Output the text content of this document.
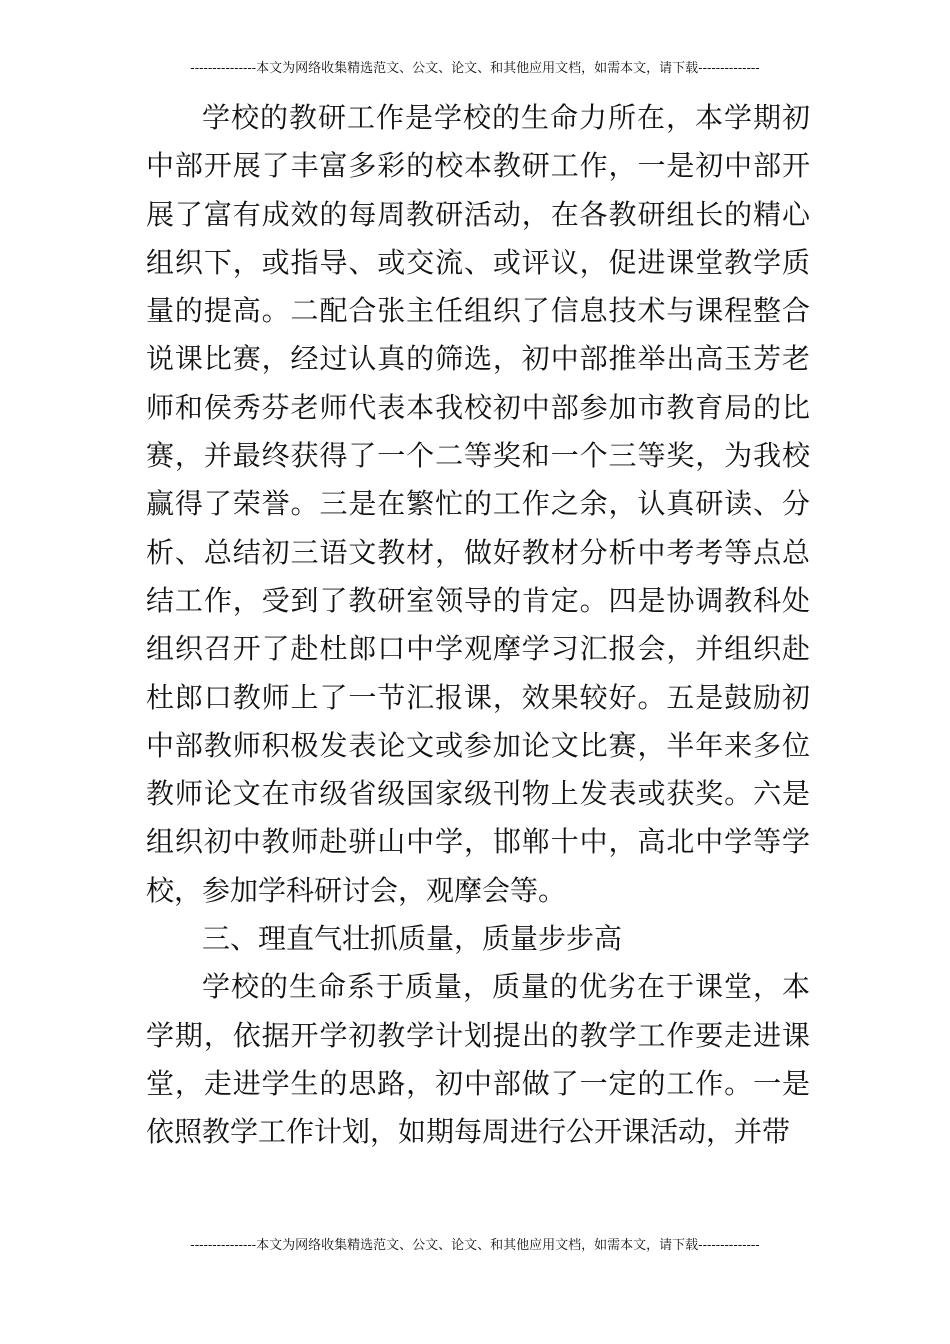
---------------本文为网络收集精选范文、公文、论文、和其他应用文档，如需本文，请下载--------------

学校的教研工作是学校的生命力所在，本学期初中部开展了丰富多彩的校本教研工作，一是初中部开展了富有成效的每周教研活动，在各教研组长的精心组织下，或指导、或交流、或评议，促进课堂教学质量的提高。二配合张主任组织了信息技术与课程整合说课比赛，经过认真的筛选，初中部推举出高玉芳老师和侯秀芬老师代表本我校初中部参加市教育局的比赛，并最终获得了一个二等奖和一个三等奖，为我校赢得了荣誉。三是在繁忙的工作之余，认真研读、分析、总结初三语文教材，做好教材分析中考考等点总结工作，受到了教研室领导的肯定。四是协调教科处组织召开了赴杜郎口中学观摩学习汇报会，并组织赴杜郎口教师上了一节汇报课，效果较好。五是鼓励初中部教师积极发表论文或参加论文比赛，半年来多位教师论文在市级省级国家级刊物上发表或获奖。六是组织初中教师赴骈山中学，邯郸十中，高北中学等学校，参加学科研讨会，观摩会等。

三、理直气壮抓质量，质量步步高

学校的生命系于质量，质量的优劣在于课堂，本学期，依据开学初教学计划提出的教学工作要走进课堂，走进学生的思路，初中部做了一定的工作。一是依照教学工作计划，如期每周进行公开课活动，并带

---------------本文为网络收集精选范文、公文、论文、和其他应用文档，如需本文，请下载--------------
